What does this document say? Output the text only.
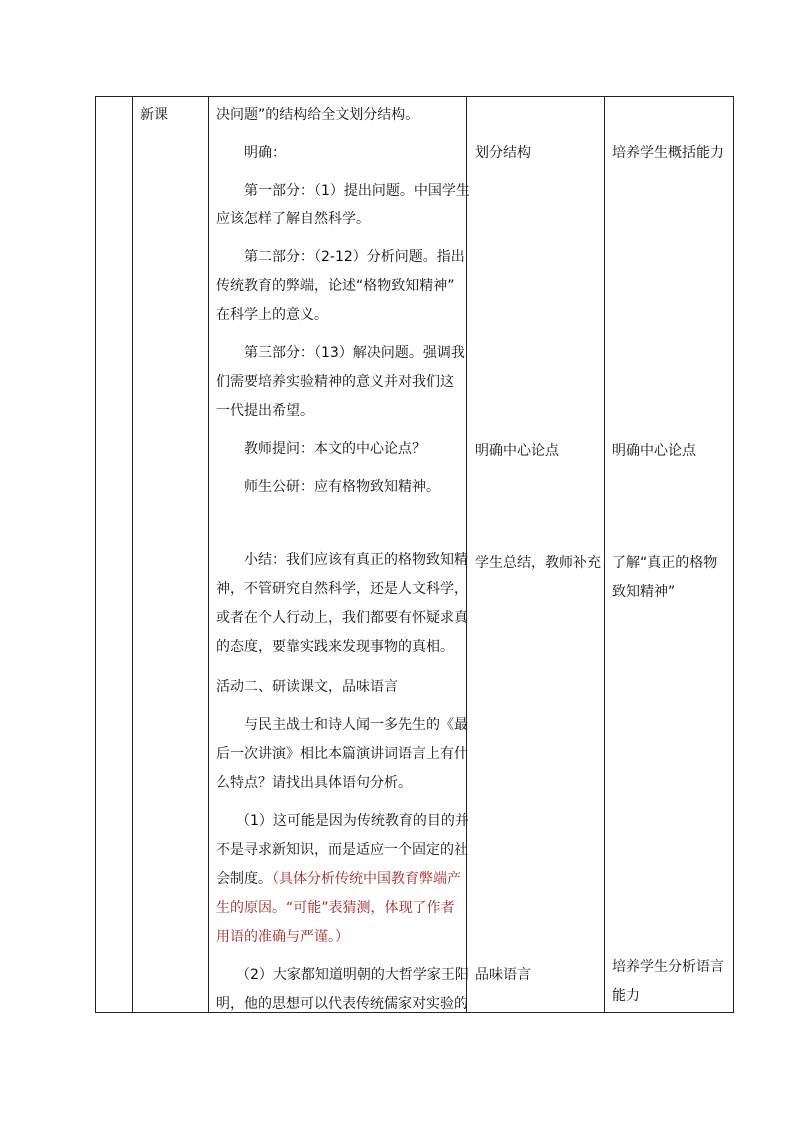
新课	决问题”的结构给全文划分结构。
明确：
第一部分：（1）提出问题。中国学生
应该怎样了解自然科学。
第二部分：（2-12）分析问题。指出
传统教育的弊端，论述“格物致知精神”
在科学上的意义。
第三部分：（13）解决问题。强调我
们需要培养实验精神的意义并对我们这
一代提出希望。
教师提问：本文的中心论点？
师生公研：应有格物致知精神。
小结：我们应该有真正的格物致知精
神，不管研究自然科学，还是人文科学，
或者在个人行动上，我们都要有怀疑求真
的态度，要靠实践来发现事物的真相。
活动二、研读课文，品味语言
与民主战士和诗人闻一多先生的《最
后一次讲演》相比本篇演讲词语言上有什
么特点？请找出具体语句分析。
（1）这可能是因为传统教育的目的并
不是寻求新知识，而是适应一个固定的社
会制度。（具体分析传统中国教育弊端产
生的原因。“可能”表猜测，体现了作者
用语的准确与严谨。）
（2）大家都知道明朝的大哲学家王阳
明，他的思想可以代表传统儒家对实验的
划分结构
明确中心论点
学生总结，教师补充
品味语言
培养学生概括能力
明确中心论点
了解“真正的格物
致知精神”
培养学生分析语言
能力
